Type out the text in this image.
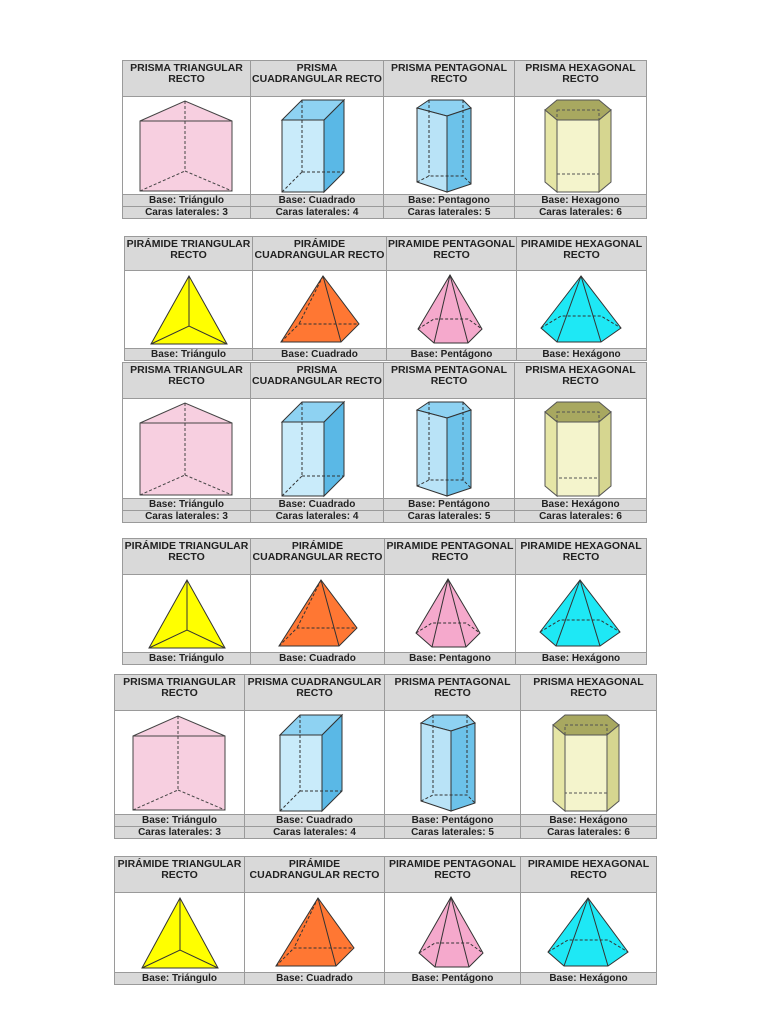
PRISMA TRIANGULAR RECTO	PRISMA CUADRANGULAR RECTO	PRISMA PENTAGONAL RECTO	PRISMA HEXAGONAL RECTO

Base: Triángulo	Base: Cuadrado	Base: Pentagono	Base: Hexagono
Caras laterales: 3	Caras laterales: 4	Caras laterales: 5	Caras laterales: 6
PIRÁMIDE TRIANGULAR RECTO	PIRÁMIDE CUADRANGULAR RECTO	PIRAMIDE PENTAGONAL RECTO	PIRAMIDE HEXAGONAL RECTO

Base: Triángulo	Base: Cuadrado	Base: Pentágono	Base: Hexágono
PRISMA TRIANGULAR RECTO	PRISMA CUADRANGULAR RECTO	PRISMA PENTAGONAL RECTO	PRISMA HEXAGONAL RECTO

Base: Triángulo	Base: Cuadrado	Base: Pentágono	Base: Hexágono
Caras laterales: 3	Caras laterales: 4	Caras laterales: 5	Caras laterales: 6
PIRÁMIDE TRIANGULAR RECTO	PIRÁMIDE CUADRANGULAR RECTO	PIRAMIDE PENTAGONAL RECTO	PIRAMIDE HEXAGONAL RECTO

Base: Triángulo	Base: Cuadrado	Base: Pentagono	Base: Hexágono
PRISMA TRIANGULAR RECTO	PRISMA CUADRANGULAR RECTO	PRISMA PENTAGONAL RECTO	PRISMA HEXAGONAL RECTO

Base: Triángulo	Base: Cuadrado	Base: Pentágono	Base: Hexágono
Caras laterales: 3	Caras laterales: 4	Caras laterales: 5	Caras laterales: 6
PIRÁMIDE TRIANGULAR RECTO	PIRÁMIDE CUADRANGULAR RECTO	PIRAMIDE PENTAGONAL RECTO	PIRAMIDE HEXAGONAL RECTO

Base: Triángulo	Base: Cuadrado	Base: Pentágono	Base: Hexágono
